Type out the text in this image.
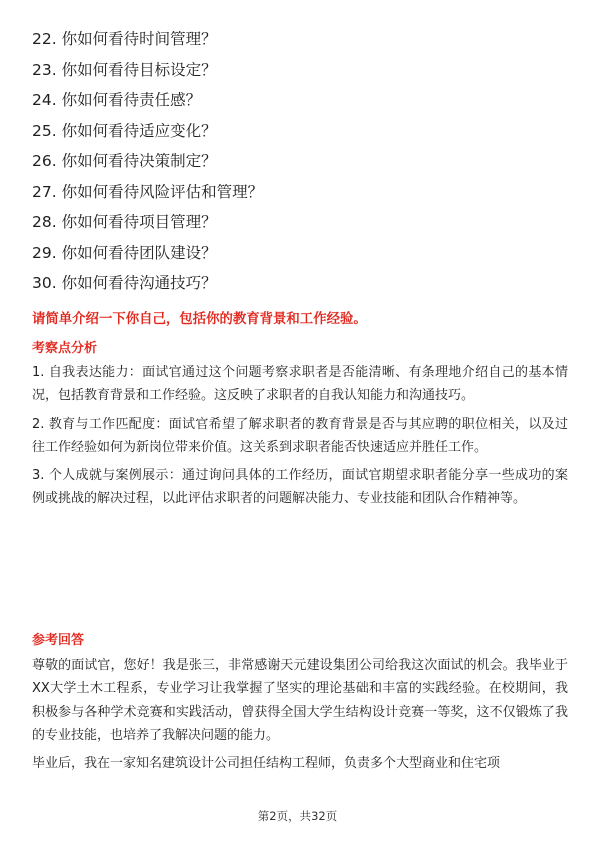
22. 你如何看待时间管理？
23. 你如何看待目标设定？
24. 你如何看待责任感？
25. 你如何看待适应变化？
26. 你如何看待决策制定？
27. 你如何看待风险评估和管理？
28. 你如何看待项目管理？
29. 你如何看待团队建设？
30. 你如何看待沟通技巧？
请简单介绍一下你自己，包括你的教育背景和工作经验。
考察点分析
1. 自我表达能力：面试官通过这个问题考察求职者是否能清晰、有条理地介绍自己的基本情况，包括教育背景和工作经验。这反映了求职者的自我认知能力和沟通技巧。
2. 教育与工作匹配度：面试官希望了解求职者的教育背景是否与其应聘的职位相关，以及过往工作经验如何为新岗位带来价值。这关系到求职者能否快速适应并胜任工作。
3. 个人成就与案例展示：通过询问具体的工作经历，面试官期望求职者能分享一些成功的案例或挑战的解决过程，以此评估求职者的问题解决能力、专业技能和团队合作精神等。
参考回答
尊敬的面试官，您好！我是张三，非常感谢天元建设集团公司给我这次面试的机会。我毕业于XX大学土木工程系，专业学习让我掌握了坚实的理论基础和丰富的实践经验。在校期间，我积极参与各种学术竞赛和实践活动，曾获得全国大学生结构设计竞赛一等奖，这不仅锻炼了我的专业技能，也培养了我解决问题的能力。
毕业后，我在一家知名建筑设计公司担任结构工程师，负责多个大型商业和住宅项
第2页，共32页
